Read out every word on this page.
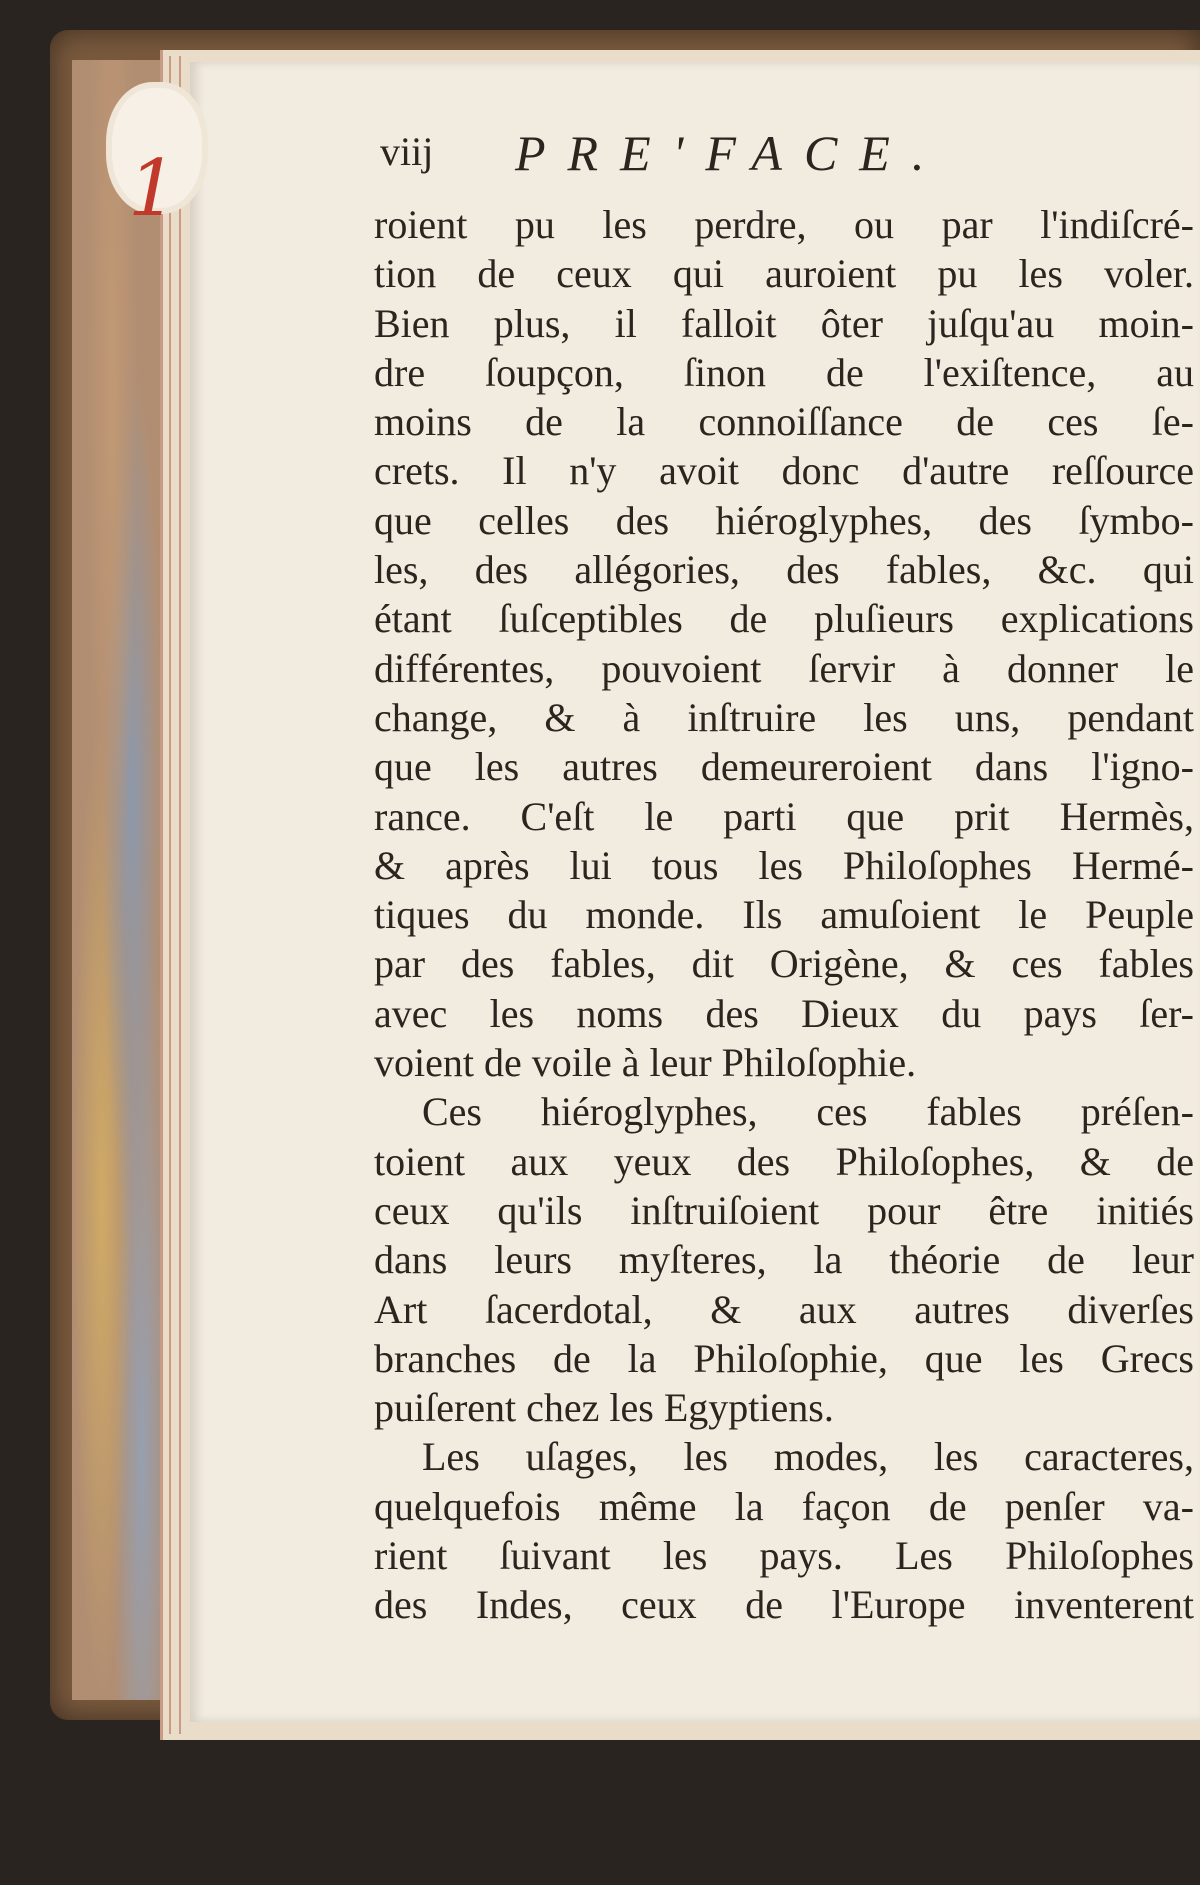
1	viij PRE'FACE.
roient pu les perdre, ou par l'indiſcré-
tion de ceux qui auroient pu les voler.
Bien plus, il falloit ôter juſqu'au moin-
dre ſoupçon, ſinon de l'exiſtence, au
moins de la connoiſſance de ces ſe-
crets. Il n'y avoit donc d'autre reſſource
que celles des hiéroglyphes, des ſymbo-
les, des allégories, des fables, &c. qui
étant ſuſceptibles de pluſieurs explications
différentes, pouvoient ſervir à donner le
change, & à inſtruire les uns, pendant
que les autres demeureroient dans l'igno-
rance. C'eſt le parti que prit Hermès,
& après lui tous les Philoſophes Hermé-
tiques du monde. Ils amuſoient le Peuple
par des fables, dit Origène, & ces fables
avec les noms des Dieux du pays ſer-
voient de voile à leur Philoſophie.
Ces hiéroglyphes, ces fables préſen-
toient aux yeux des Philoſophes, & de
ceux qu'ils inſtruiſoient pour être initiés
dans leurs myſteres, la théorie de leur
Art ſacerdotal, & aux autres diverſes
branches de la Philoſophie, que les Grecs
puiſerent chez les Egyptiens.
Les uſages, les modes, les caracteres,
quelquefois même la façon de penſer va-
rient ſuivant les pays. Les Philoſophes
des Indes, ceux de l'Europe inventerent
